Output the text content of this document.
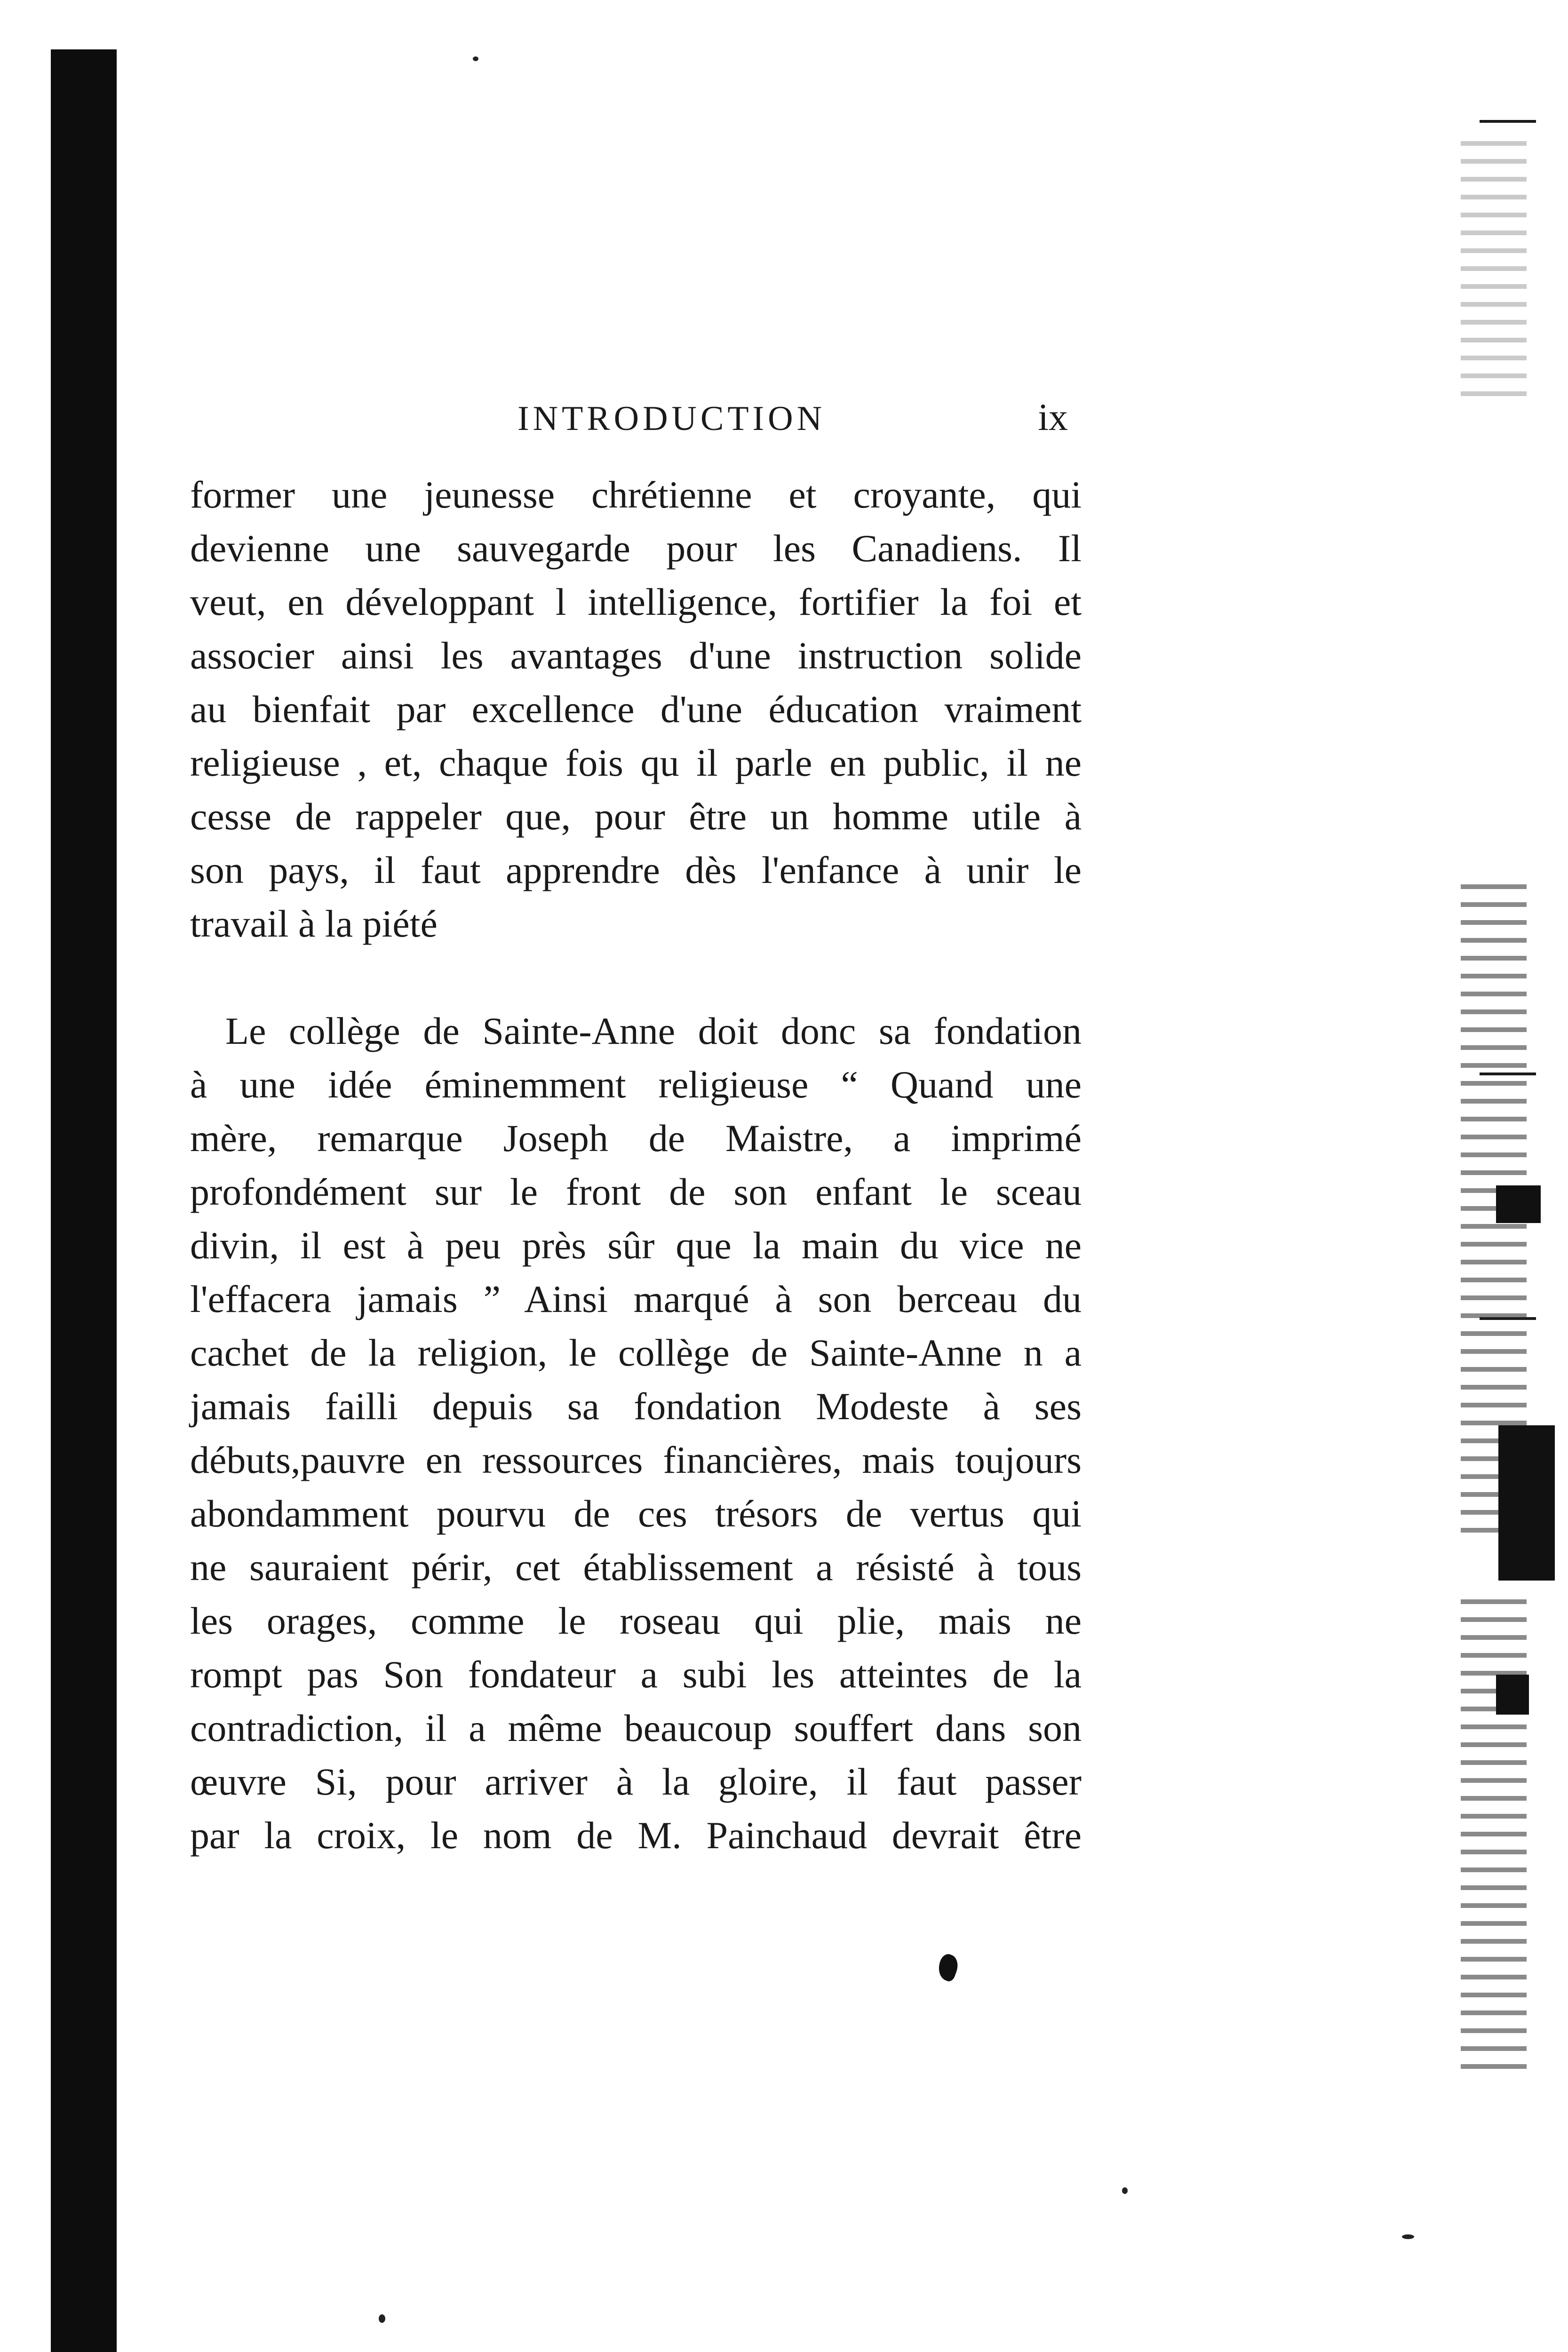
INTRODUCTION	ix

former une jeunesse chrétienne et croyante, qui
devienne une sauvegarde pour les Canadiens. Il
veut, en développant l intelligence, fortifier la foi et
associer ainsi les avantages d'une instruction solide
au bienfait par excellence d'une éducation vraiment
religieuse , et, chaque fois qu il parle en public, il ne
cesse de rappeler que, pour être un homme utile à
son pays, il faut apprendre dès l'enfance à unir le
travail à la piété

Le collège de Sainte-Anne doit donc sa fondation
à une idée éminemment religieuse “ Quand une
mère, remarque Joseph de Maistre, a imprimé
profondément sur le front de son enfant le sceau
divin, il est à peu près sûr que la main du vice ne
l'effacera jamais ” Ainsi marqué à son berceau du
cachet de la religion, le collège de Sainte-Anne n a
jamais failli depuis sa fondation Modeste à ses
débuts,pauvre en ressources financières, mais toujours
abondamment pourvu de ces trésors de vertus qui
ne sauraient périr, cet établissement a résisté à tous
les orages, comme le roseau qui plie, mais ne
rompt pas Son fondateur a subi les atteintes de la
contradiction, il a même beaucoup souffert dans son
œuvre Si, pour arriver à la gloire, il faut passer
par la croix, le nom de M. Painchaud devrait être
